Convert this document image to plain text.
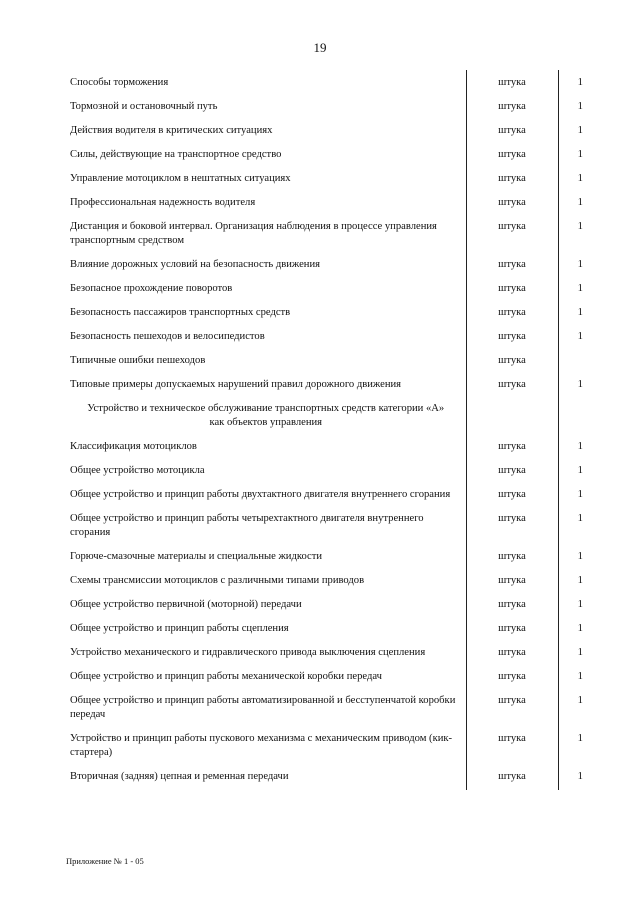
19
Способы торможения	штука	1
Тормозной и остановочный путь	штука	1
Действия водителя в критических ситуациях	штука	1
Силы, действующие на транспортное средство	штука	1
Управление мотоциклом в нештатных ситуациях	штука	1
Профессиональная надежность водителя	штука	1
Дистанция и боковой интервал. Организация наблюдения в процессе управления транспортным средством	штука	1
Влияние дорожных условий на безопасность движения	штука	1
Безопасное прохождение поворотов	штука	1
Безопасность пассажиров транспортных средств	штука	1
Безопасность пешеходов и велосипедистов	штука	1
Типичные ошибки пешеходов	штука	
Типовые примеры допускаемых нарушений правил дорожного движения	штука	1
Устройство и техническое обслуживание транспортных средств категории «А» как объектов управления		
Классификация мотоциклов	штука	1
Общее устройство мотоцикла	штука	1
Общее устройство и принцип работы двухтактного двигателя внутреннего сгорания	штука	1
Общее устройство и принцип работы четырехтактного двигателя внутреннего сгорания	штука	1
Горюче-смазочные материалы и специальные жидкости	штука	1
Схемы трансмиссии мотоциклов с различными типами приводов	штука	1
Общее устройство первичной (моторной) передачи	штука	1
Общее устройство и принцип работы сцепления	штука	1
Устройство механического и гидравлического привода выключения сцепления	штука	1
Общее устройство и принцип работы механической коробки передач	штука	1
Общее устройство и принцип работы автоматизированной и бесступенчатой коробки передач	штука	1
Устройство и принцип работы пускового механизма с механическим приводом (кик-стартера)	штука	1
Вторичная (задняя) цепная и ременная передачи	штука	1
Приложение № 1 - 05
